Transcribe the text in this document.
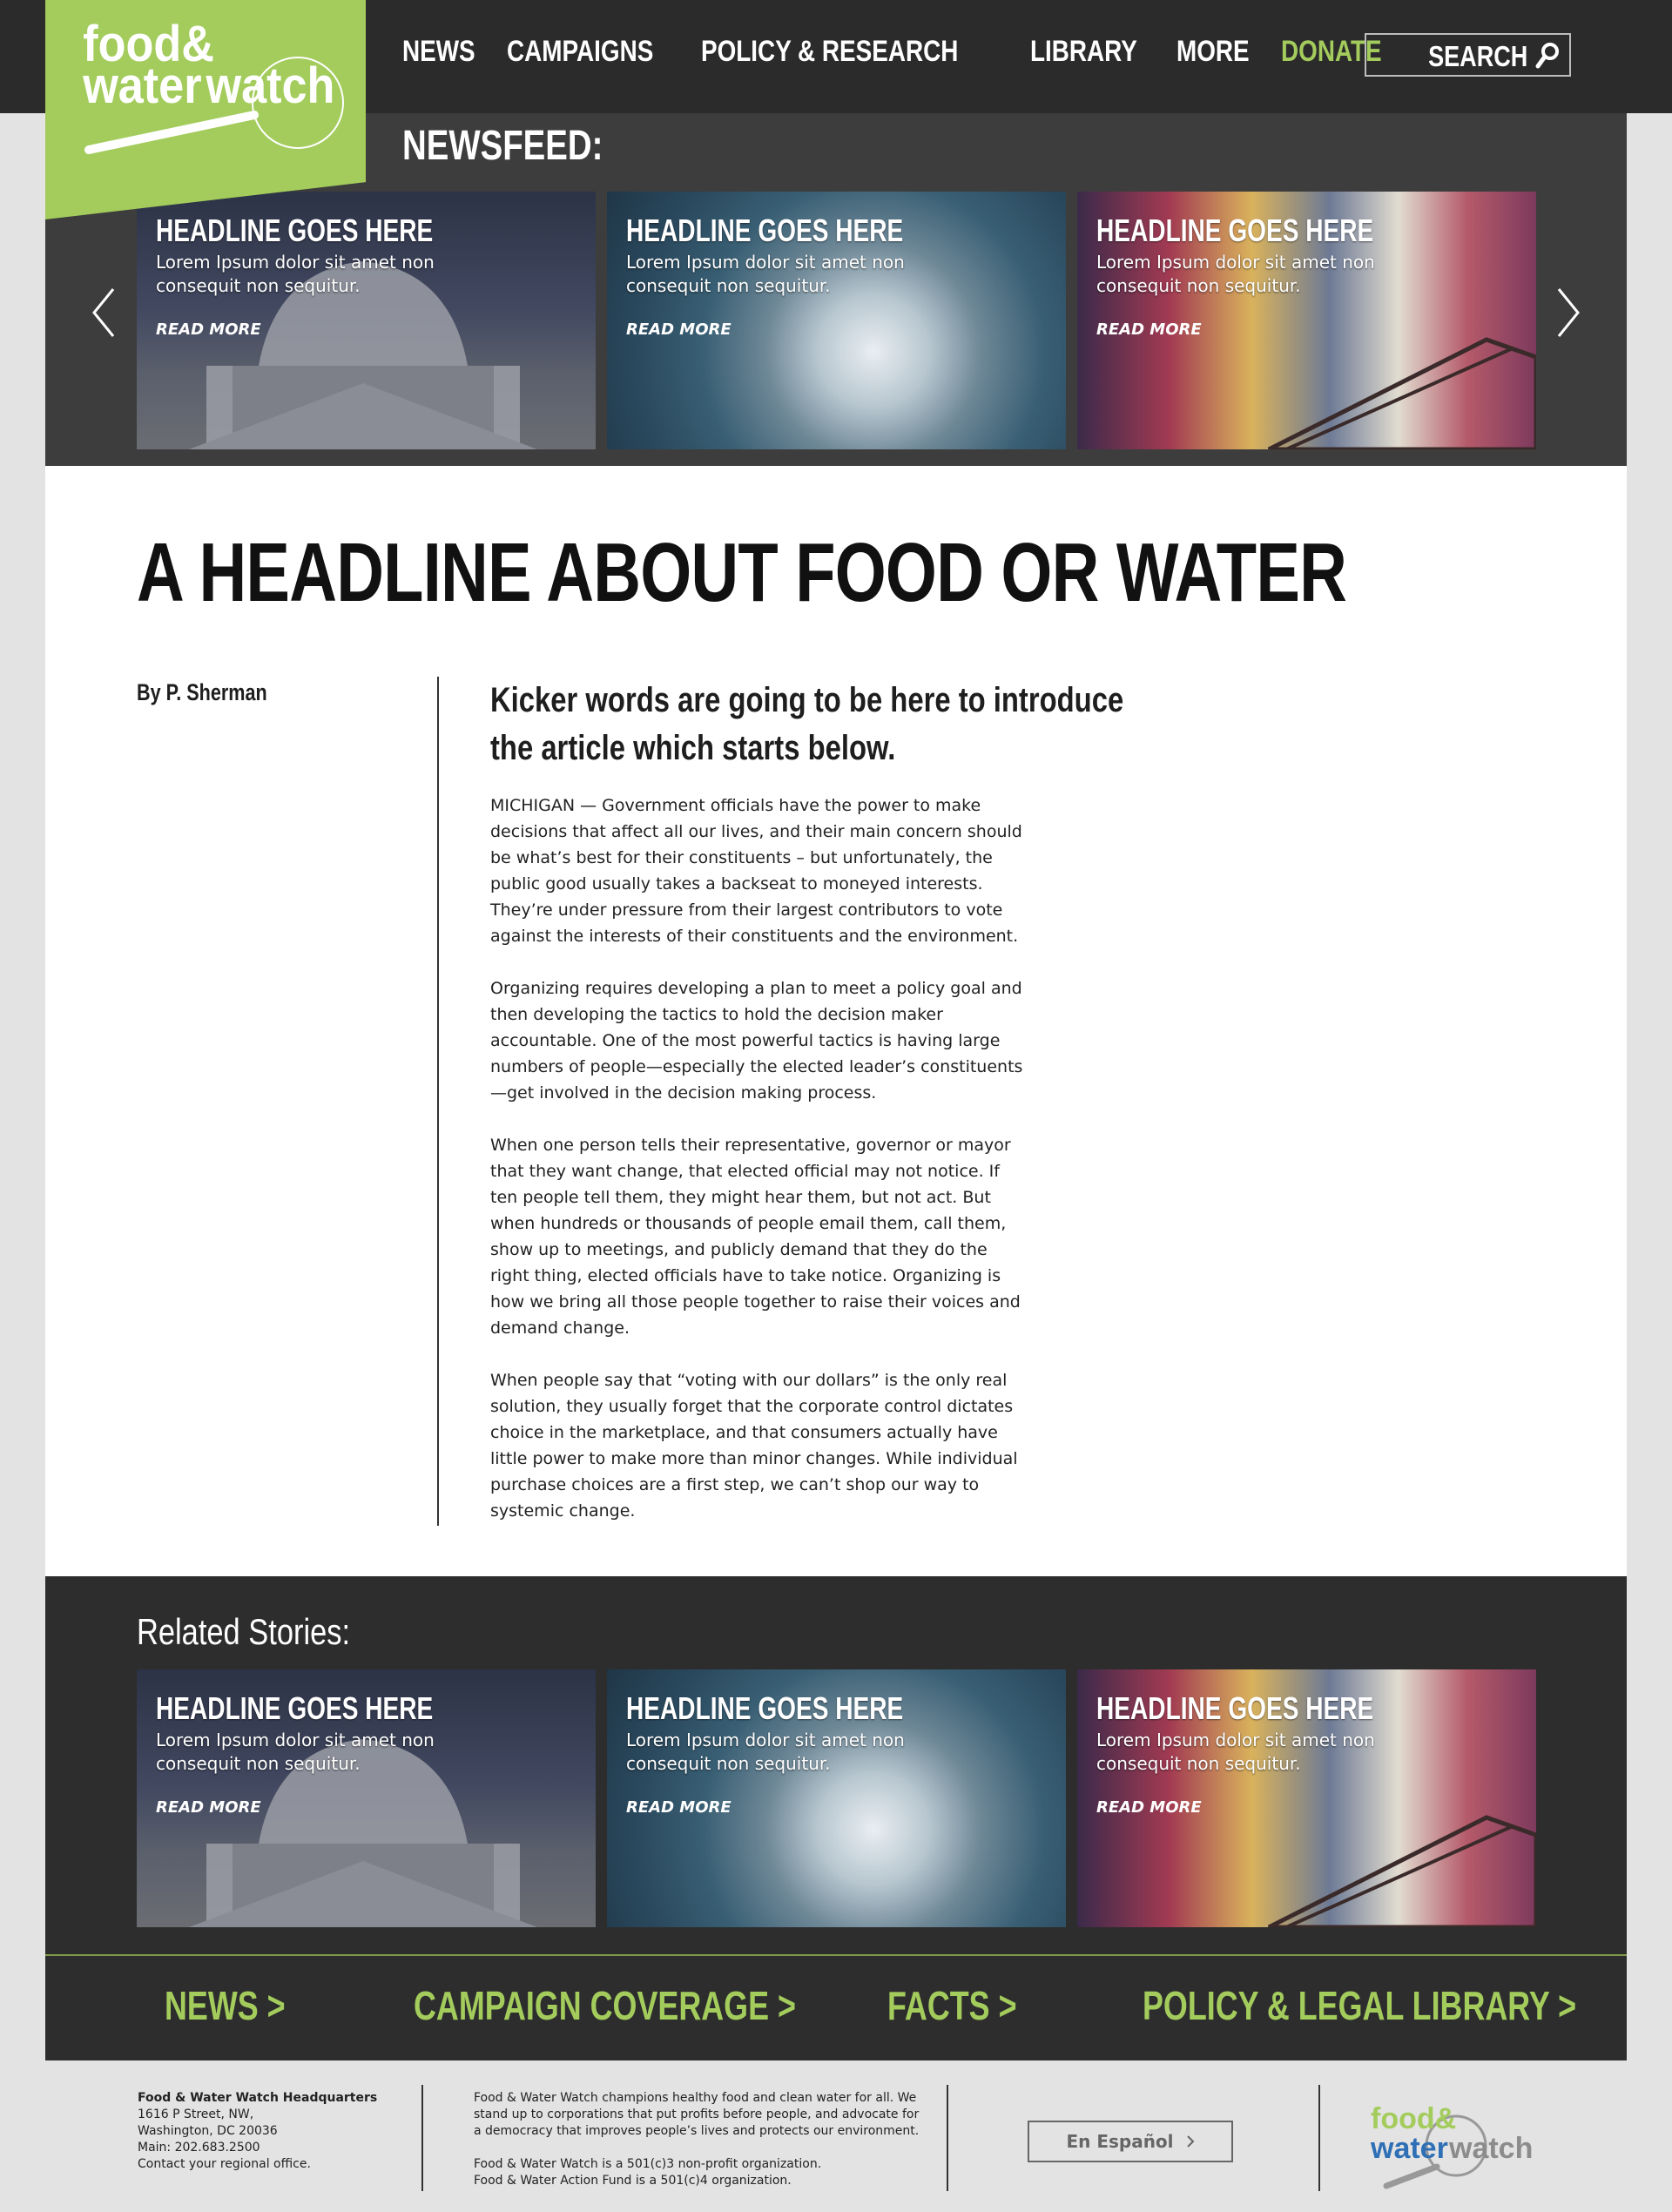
NEWS CAMPAIGNS POLICY & RESEARCH LIBRARY MORE DONATE SEARCH
food&
water watch
NEWSFEED:
HEADLINE GOES HERE

Lorem Ipsum dolor sit amet non consequit non sequitur.

READ MORE
HEADLINE GOES HERE

Lorem Ipsum dolor sit amet non consequit non sequitur.

READ MORE
HEADLINE GOES HERE

Lorem Ipsum dolor sit amet non consequit non sequitur.

READ MORE
A HEADLINE ABOUT FOOD OR WATER
By P. Sherman	Kicker words are going to be here to introduce the article which starts below.

MICHIGAN — Government officials have the power to make decisions that affect all our lives, and their main concern should be what’s best for their constituents – but unfortunately, the public good usually takes a backseat to moneyed interests. They’re under pressure from their largest contributors to vote against the interests of their constituents and the environment.

Organizing requires developing a plan to meet a policy goal and then developing the tactics to hold the decision maker accountable. One of the most powerful tactics is having large numbers of people—especially the elected leader’s constituents—get involved in the decision making process.

When one person tells their representative, governor or mayor that they want change, that elected official may not notice. If ten people tell them, they might hear them, but not act. But when hundreds or thousands of people email them, call them, show up to meetings, and publicly demand that they do the right thing, elected officials have to take notice. Organizing is how we bring all those people together to raise their voices and demand change.

When people say that “voting with our dollars” is the only real solution, they usually forget that the corporate control dictates choice in the marketplace, and that consumers actually have little power to make more than minor changes. While individual purchase choices are a first step, we can’t shop our way to systemic change.

Related Stories:
HEADLINE GOES HERE

Lorem Ipsum dolor sit amet non consequit non sequitur.

READ MORE
HEADLINE GOES HERE

Lorem Ipsum dolor sit amet non consequit non sequitur.

READ MORE
HEADLINE GOES HERE

Lorem Ipsum dolor sit amet non consequit non sequitur.

READ MORE
NEWS >	CAMPAIGN COVERAGE > FACTS >	POLICY & LEGAL LIBRARY >
Food & Water Watch Headquarters
1616 P Street, NW,
Washington, DC 20036
Main: 202.683.2500
Contact your regional office.
Food & Water Watch champions healthy food and clean water for all. We stand up to corporations that put profits before people, and advocate for a democracy that improves people’s lives and protects our environment.
Food & Water Watch is a 501(c)3 non-profit organization.
Food & Water Action Fund is a 501(c)4 organization.
En Español
food&
water watch
